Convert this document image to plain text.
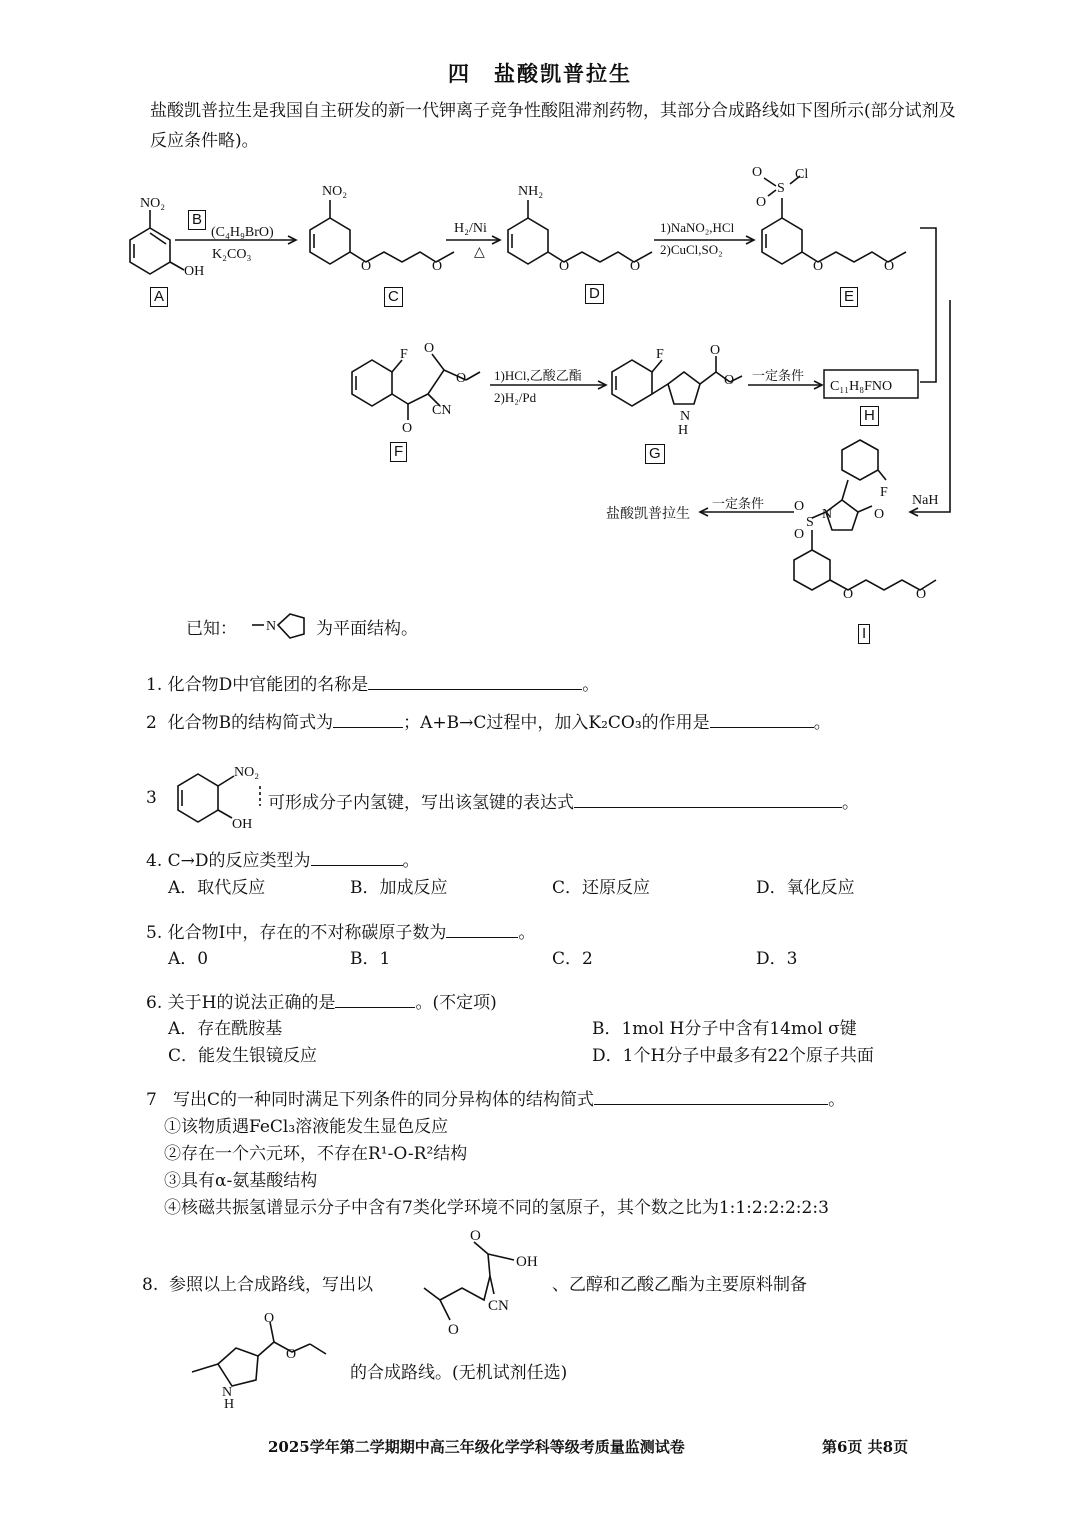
四　盐酸凯普拉生
盐酸凯普拉生是我国自主研发的新一代钾离子竞争性酸阻滞剂药物，其部分合成路线如下图所示(部分试剂及反应条件略)。
NO₂
OH
(C₄H₉BrO)
K₂CO₃
NO₂
O	O
H₂/Ni
△
NH₂
O	O
1)NaNO₂,HCl
2)CuCl,SO₂
S
Cl
O
O
O	O
F O
O
O
CN
1)HCl,乙酸乙酯
2)H₂/Pd
F
N
H
O
O 一定条件
C₁₁H₈FNO
N
S
O
O
O
F
O	O
NaH
一定条件
盐酸凯普拉生
N
A
B
C	D	E
F	G
H
I
已知：	为平面结构。
1. 化合物D中官能团的名称是	。
2 化合物B的结构简式为	；A+B→C过程中，加入K₂CO₃的作用是	。
3
NO₂
OH
可形成分子内氢键，写出该氢键的表达式	。
4. C→D的反应类型为	。
A．取代反应	B．加成反应	C．还原反应	D．氧化反应
5. 化合物I中，存在的不对称碳原子数为	。
A．0	B．1	C．2	D．3
6. 关于H的说法正确的是	。(不定项)
A．存在酰胺基	B．1mol H分子中含有14mol σ键
C．能发生银镜反应	D．1个H分子中最多有22个原子共面
7 写出C的一种同时满足下列条件的同分异构体的结构简式	。
①该物质遇FeCl₃溶液能发生显色反应
②存在一个六元环，不存在R¹-O-R²结构
③具有α-氨基酸结构
④核磁共振氢谱显示分子中含有7类化学环境不同的氢原子，其个数之比为1:1:2:2:2:2:3
8. 参照以上合成路线，写出以
OH
O
O
CN
、乙醇和乙酸乙酯为主要原料制备
N
H
O
O
的合成路线。(无机试剂任选)
2025学年第二学期期中高三年级化学学科等级考质量监测试卷	第6页 共8页
